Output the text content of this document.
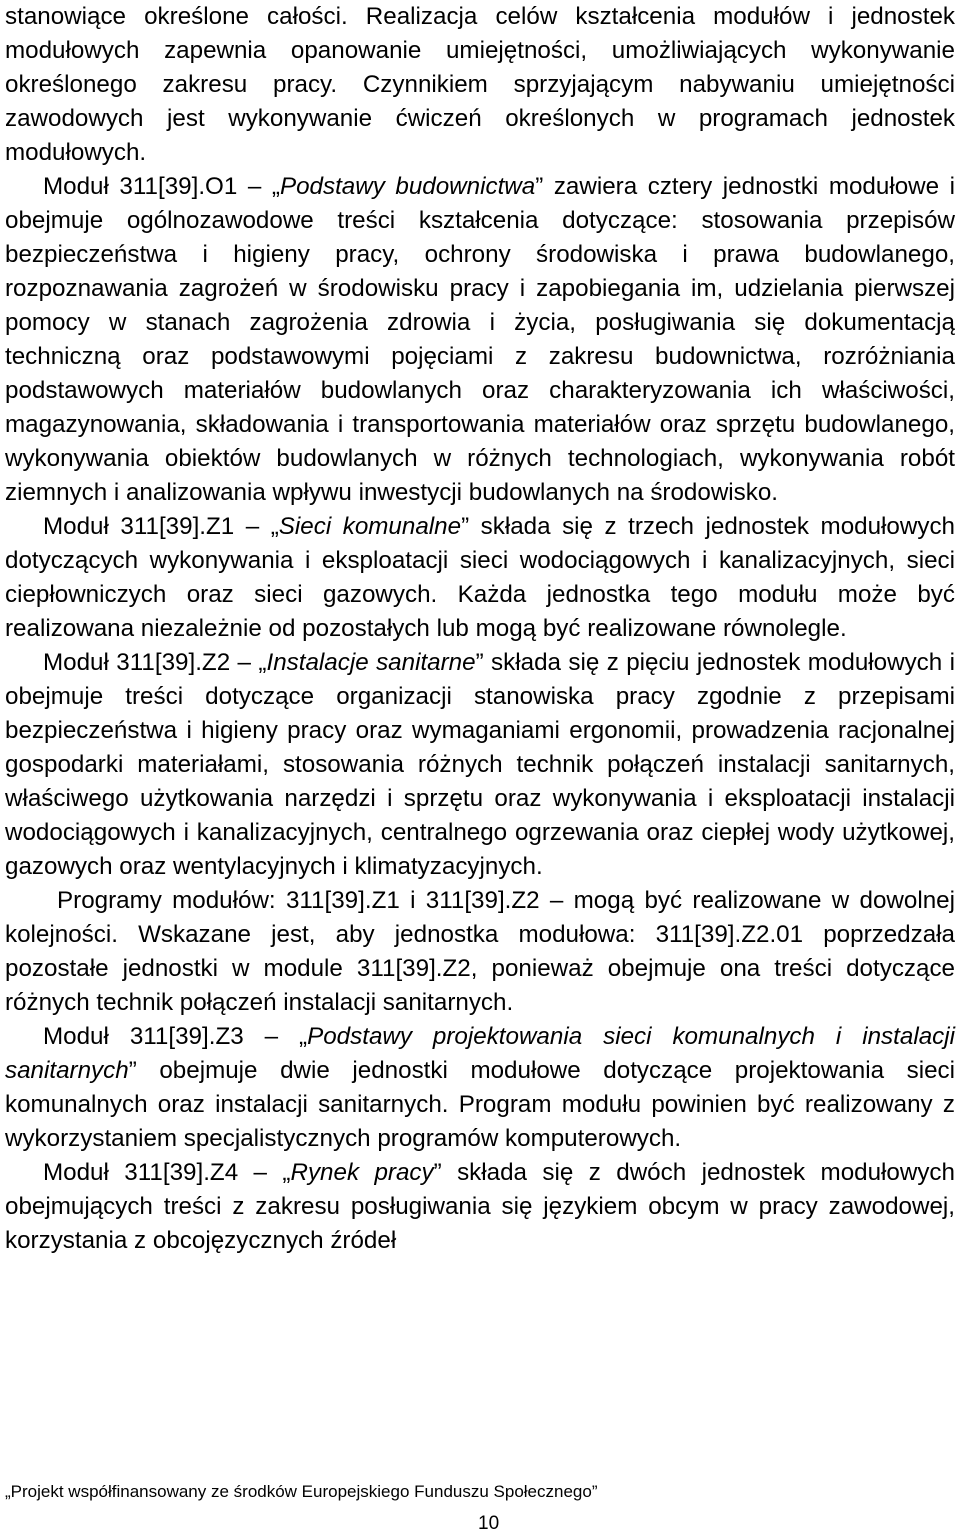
stanowiące określone całości. Realizacja celów kształcenia modułów i jednostek modułowych zapewnia opanowanie umiejętności, umożliwiających wykonywanie określonego zakresu pracy. Czynnikiem sprzyjającym nabywaniu umiejętności zawodowych jest wykonywanie ćwiczeń określonych w programach jednostek modułowych.

Moduł 311[39].O1 – „Podstawy budownictwa” zawiera cztery jednostki modułowe i obejmuje ogólnozawodowe treści kształcenia dotyczące: stosowania przepisów bezpieczeństwa i higieny pracy, ochrony środowiska i prawa budowlanego, rozpoznawania zagrożeń w środowisku pracy i zapobiegania im, udzielania pierwszej pomocy w stanach zagrożenia zdrowia i życia, posługiwania się dokumentacją techniczną oraz podstawowymi pojęciami z zakresu budownictwa, rozróżniania podstawowych materiałów budowlanych oraz charakteryzowania ich właściwości, magazynowania, składowania i transportowania materiałów oraz sprzętu budowlanego, wykonywania obiektów budowlanych w różnych technologiach, wykonywania robót ziemnych i analizowania wpływu inwestycji budowlanych na środowisko.

Moduł 311[39].Z1 – „Sieci komunalne” składa się z trzech jednostek modułowych dotyczących wykonywania i eksploatacji sieci wodociągowych i kanalizacyjnych, sieci ciepłowniczych oraz sieci gazowych. Każda jednostka tego modułu może być realizowana niezależnie od pozostałych lub mogą być realizowane równolegle.

Moduł 311[39].Z2 – „Instalacje sanitarne” składa się z pięciu jednostek modułowych i obejmuje treści dotyczące organizacji stanowiska pracy zgodnie z przepisami bezpieczeństwa i higieny pracy oraz wymaganiami ergonomii, prowadzenia racjonalnej gospodarki materiałami, stosowania różnych technik połączeń instalacji sanitarnych, właściwego użytkowania narzędzi i sprzętu oraz wykonywania i eksploatacji instalacji wodociągowych i kanalizacyjnych, centralnego ogrzewania oraz ciepłej wody użytkowej, gazowych oraz wentylacyjnych i klimatyzacyjnych.

Programy modułów: 311[39].Z1 i 311[39].Z2 – mogą być realizowane w dowolnej kolejności. Wskazane jest, aby jednostka modułowa: 311[39].Z2.01 poprzedzała pozostałe jednostki w module 311[39].Z2, ponieważ obejmuje ona treści dotyczące różnych technik połączeń instalacji sanitarnych.

Moduł 311[39].Z3 – „Podstawy projektowania sieci komunalnych i instalacji sanitarnych” obejmuje dwie jednostki modułowe dotyczące projektowania sieci komunalnych oraz instalacji sanitarnych. Program modułu powinien być realizowany z wykorzystaniem specjalistycznych programów komputerowych.

Moduł 311[39].Z4 – „Rynek pracy” składa się z dwóch jednostek modułowych obejmujących treści z zakresu posługiwania się językiem obcym w pracy zawodowej, korzystania z obcojęzycznych źródeł

„Projekt współfinansowany ze środków Europejskiego Funduszu Społecznego”
10
